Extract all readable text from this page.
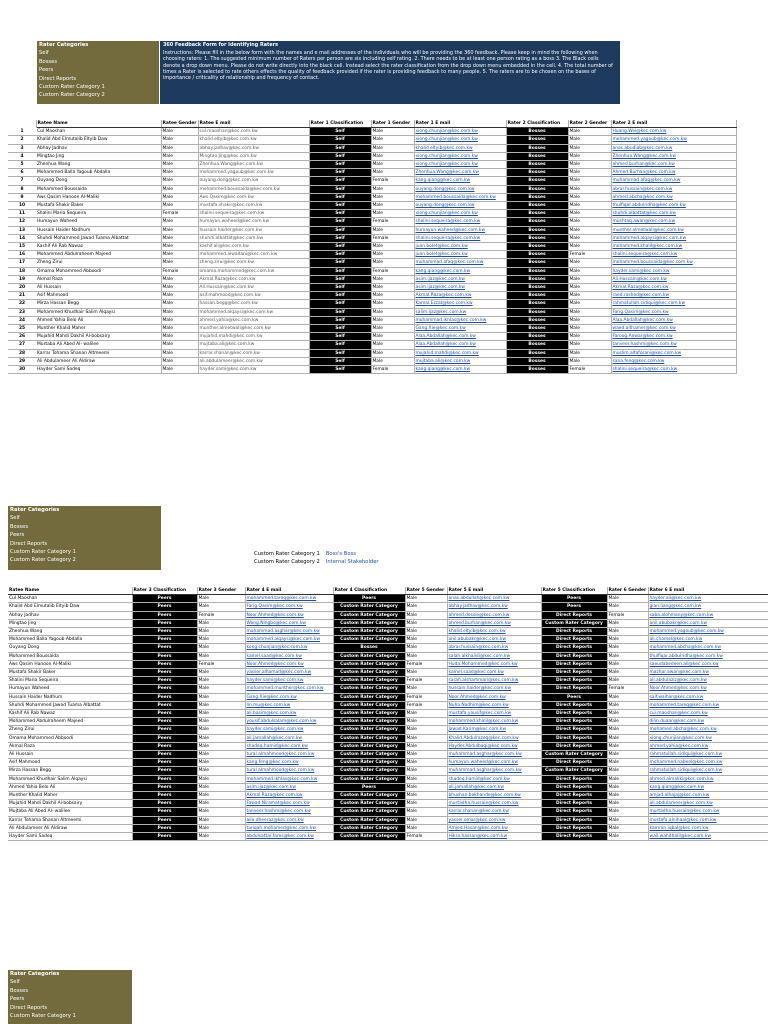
Rater Categories
Self
Bosses
Peers
Direct Reports
Custom Rater Category 1
Custom Rater Category 2
360 Feedback Form for Identifying Raters
Instructions: Please fill in the below form with the names and e mail addresses of the individuals who will be providing the 360 feedback. Please keep in mind the following when choosing raters: 1. The suggested minimum number of Raters per person are six including self rating. 2. There needs to be at least one person rating as a boss 3. The Black cells denote a drop down menu. Please do not write directly into the black cell. Instead select the rater classification from the drop down menu embedded in the cell. 4. The total number of times a Rater is selected to rate others effects the quality of feedback provided if the rater is providing feedback to many people. 5. The raters are to be chosen on the bases of importance / criticality of relationship and frequency of contact.
	Ratee Name	Ratee Gender	Ratee E mail	Rater 1 Classification	Rater 1 Gender	Rater 1 E mail	Rater 2 Classification	Rater 2 Gender	Rater 2 E mail
1	Cul Maoshan	Male	cul.maoshan@kec.com.kw	Self	Male	xiong.chunjian@kec.com.kw	Bosses	Male	Huang.Wei@kec.com.kw
2	Khalid Abd Elmutalib Eltyib Daw	Male	khalid.eltyib@kec.com.kw	Self	Male	xiong.chunjian@kec.com.kw	Bosses	Male	mohammed.yagoub@kec.com.kw
3	Abhay Jadhav	Male	abhay.jadhav@kec.com.kw	Self	Male	khalid.eltyib@kec.com.kw	Bosses	Male	anas.abudiab@kec.com.kw
4	Mingtao Jing	Male	Mingtao.Jing@kec.com.kw	Self	Male	xiong.chunjian@kec.com.kw	Bosses	Male	Zhenhua.Wang@kec.com.kw
5	Zhenhua Wang	Male	Zhenhua.Wang@kec.com.kw	Self	Male	xiong.chunjian@kec.com.kw	Bosses	Male	ahmed.burhan@kec.com.kw
6	Mohammed Balla Yagoub Abdalla	Male	mohammed.yagoub@kec.com.kw	Self	Male	Zhenhua.Wang@kec.com.kw	Bosses	Male	Ahmed.Burhan@kec.com.kw
7	Ouyang Dong	Male	ouyang.dong@kec.com.kw	Self	Female	kang.qiang@kec.com.kw	Bosses	Male	muhammad.afaq@kec.com.kw
8	Mohammed Boussaida	Male	mohammed.boussaida@kec.com.kw	Self	Male	ouyang.dong@kec.com.kw	Bosses	Male	abrar.hussain@kec.com.kw
9	Aws Qasim Hanoon Al-Maliki	Male	Aws.Qasim@kec.com.kw	Self	Male	mohammed.boussaida@kec.com.kw	Bosses	Male	ahmed.abcha@kec.com.kw
10	Mustafa Shakir Baker	Male	mustafa.shakir@kec.com.kw	Self	Male	ouyang.dong@kec.com.kw	Bosses	Male	thulfiqar.abdulridha@kec.com.kw
11	Shalini Maria Sequeira	Female	shalini.sequeira@kec.com.kw	Self	Male	xiong.chunjian@kec.com.kw	Bosses	Male	shuhdi.albattat@kec.com.kw
12	Humayun Waheed	Male	humayun.waheed@kec.com.kw	Self	Female	shalini.sequeira@kec.com.kw	Bosses	Male	mushtaq.awan@kec.com.kw
13	Hussain Haider Nadhum	Male	hussain.haider@kec.com.kw	Self	Male	humayun.waheed@kec.com.kw	Bosses	Male	munther.almetwali@kec.com.kw
14	Shuhdi Mohammed Jawad Tuama Albattat	Male	shuhdi.albattat@kec.com.kw	Self	Female	shalini.sequeira@kec.com.kw	Bosses	Male	mohammed.alqaysi@kec.com.kw
15	Kashif Ali Rab Nawaz	Male	kashif.ali@kec.com.kw	Self	Male	juan.bolet@kec.com.kw	Bosses	Male	mohammed.khalil@kec.com.kw
16	Mohammed Abdulraheem Majeed	Male	mohammed.alwadani@kec.com.kw	Self	Male	juan.bolet@kec.com.kw	Bosses	Female	shalini.sequeira@kec.com.kw
17	Zheng Zirui	Male	zheng.zirui@kec.com.kw	Self	Male	muhammad.afaq@kec.com.kw	Bosses	Male	mohammed.boussaida@kec.com.kw
18	Omama Mohammed Abboodi	Female	omama.mohammed@kec.com.kw	Self	Female	kang.qiang@kec.com.kw	Bosses	Male	hayder.sami@kec.com.kw
19	Akmal Raza	Male	Akmal.Raza@kec.com.kw	Self	Male	asim.ijaz@kec.com.kw	Bosses	Male	Ali.Hussain@kec.com.kw
20	Ali Hussain	Male	Ali.Hussain@kec.com.kw	Self	Male	asim.ijaz@kec.com.kw	Bosses	Male	Akmal.Raza@kec.com.kw
21	Asif Mahmood	Male	asif.mahmood@kec.com.kw	Self	Male	Akmal.Raza@kec.com.kw	Bosses	Male	raed.rashed@kec.com.kw
22	Mirza Hassan Begg	Male	hassan.begg@kec.com.kw	Self	Male	Kamal.Ezzat@kec.com.kw	Bosses	Male	rahmatullah.sidiqui@kec.com.kw
23	Mohammed Khudhair Salim Alqaysi	Male	mohammed.alqaysi@kec.com.kw	Self	Male	salim.ijaz@kec.com.kw	Bosses	Male	Farig.Qasim@kec.com.kw
24	Ahmed Yahia Belo Ali	Male	ahmed.yahia@kec.com.kw	Self	Male	muhammad.ikhlas@kec.com.kw	Bosses	Male	Alaa.Abdallah@kec.com.kw
25	Munther Khalid Maher	Male	munther.almetwali@kec.com.kw	Self	Male	Gang.Xie@kec.com.kw	Bosses	Male	waed.althamer@kec.com.kw
26	Mujahid Mahdi Dakhil Al-bobsairy	Male	mujahid.mahdi@kec.com.kw	Self	Male	Alaa.Abdallah@kec.com.kw	Bosses	Male	Faroog.Anwar@kec.com.kw
27	Murtaba Ali Abed Al- walilee	Male	mujtaba.ali@kec.com.kw	Self	Male	Alaa.Abdallah@kec.com.kw	Bosses	Male	tanveer.hashmi@kec.com.kw
28	Karrar Tohama Shanan Altmeemi	Male	karrar.shanan@kec.com.kw	Self	Male	mujahid.mahdi@kec.com.kw	Bosses	Male	muslim.altaforani@kec.com.kw
29	Ali Abdulameer Ali Aldiraw	Male	ali.abdulameer@kec.com.kw	Self	Male	mujtaba.ali@kec.com.kw	Bosses	Male	sana.fenq@kec.com.kw
30	Hayder Sami Sadeq	Male	hayder.sami@kec.com.kw	Self	Female	kang.qiang@kec.com.kw	Bosses	Female	shalini.sequeira@kec.com.kw
Rater Categories
Self
Bosses
Peers
Direct Reports
Custom Rater Category 1
Custom Rater Category 2
Custom Rater Category 1 Boss's Boss
Custom Rater Category 2 Internal Stakeholder
Ratee Name	Rater 3 Classification	Rater 3 Gender	Rater 4 E mail	Rater 4 Classification	Rater 5 Gender	Rater 5 E mail	Rater 5 Classification	Rater 6 Gender	Rater 6 E mail
Cul Maoshan	Peers	Male	mohammed.tareq@kec.com.kw	Peers	Male	anas.abdullah@kec.com.kw	Peers	Male	hayder.ali@kec.com.kw
Khalid Abd Elmutalib Eltyib Daw	Peers	Male	Farig.Qasim@kec.com.kw	Custom Rater Category	Male	abhay.jadhav@kec.com.kw	Peers	Male	gian.liang@kec.com.kw
Abhay Jadhav	Peers	Female	Noor.Ahmed@kec.com.kw	Custom Rater Category	Male	ahmed.dessie@kec.com.kw	Direct Reports	Female	saba.alohmany@kec.com.kw
Mingtao Jing	Peers	Male	Wang.Ningbo@kec.com.kw	Custom Rater Category	Male	ahmed.burhan@kec.com.kw	Custom Rater Category	Male	anil.abubakr@kec.com.kw
Zhenhua Wang	Peers	Male	muhammad.asghar@kec.com.kw	Custom Rater Category	Male	khalid.eltyib@kec.com.kw	Direct Reports	Male	mohammed.yagoub@kec.com.kw
Mohammed Balla Yagoub Abdalla	Peers	Male	mohammed.alqaysi@kec.com.kw	Custom Rater Category	Male	anil.abubakr@kec.com.kw	Direct Reports	Male	ali.chamel@kec.com.kw
Ouyang Dong	Peers	Male	kong.chunjian@kec.com.kw	Bosses	Male	abrar.hussain@kec.com.kw	Direct Reports	Male	mohammed.abcha@kec.com.kw
Mohammed Boussaida	Peers	Male	kamel.saad@kec.com.kw	Custom Rater Category	Male	salah.alkhalidi@kec.com.kw	Direct Reports	Male	thulfiqar.abdulridha@kec.com.kw
Aws Qasim Hanoon Al-Maliki	Peers	Female	Noor.Ahmed@kec.com.kw	Custom Rater Category	Female	Huda.Mohammed@kec.com.kw	Direct Reports	Male	saeudabedeen.ali@kec.com.kw
Mustafa Shakir Baker	Peers	Male	yasser.alhamad@kec.com.kw	Custom Rater Category	Male	kamel.saad@kec.com.kw	Direct Reports	Male	mazhar.awan@kec.com.kw
Shalini Maria Sequeira	Peers	Male	hayder.sami@kec.com.kw	Custom Rater Category	Female	sarah.alshammari@kec.com.kw	Direct Reports	Male	ali.abdulaziz@kec.com.kw
Humayun Waheed	Peers	Male	mohammed.munther@kec.com.kw	Custom Rater Category	Male	hussain.haider@kec.com.kw	Direct Reports	Female	Noor.Ahmed@kec.com.kw
Hussain Haider Nadhum	Peers	Male	Gang.Xie@kec.com.kw	Custom Rater Category	Female	Noor.Ahmed@kec.com.kw	Peers	Male	saif.waihar@kec.com.kw
Shuhdi Mohammed Jawad Tuama Albattat	Peers	Male	lin.mu@kec.com.kw	Custom Rater Category	Female	Nuha.Nadhim@kec.com.kw	Direct Reports	Male	mohammed.tareq@kec.com.kw
Kashif Ali Rab Nawaz	Peers	Male	ali.basim@kec.com.kw	Custom Rater Category	Male	mustafa.yousif@kec.com.kw	Direct Reports	Male	cui.maoshan@kec.com.kw
Mohammed Abdulraheem Majeed	Peers	Male	yousif.abdulsalam@kec.com.kw	Custom Rater Category	Male	mohammed.khalil@kec.com.kw	Direct Reports	Male	dilin.duaan@kec.com.kw
Zheng Zirui	Peers	Male	hayder.sami@kec.com.kw	Custom Rater Category	Male	Jawad.Karim@kec.com.kw	Direct Reports	Male	mohamed.abcha@kec.com.kw
Omama Mohammed Abboodi	Peers	Male	ali.jamallah@kec.com.kw	Custom Rater Category	Male	Khalid.Abdulrazeq@kec.com.kw	Direct Reports	Male	xiong.chunjian@kec.com.kw
Akmal Raza	Peers	Male	shadeq.hamid@kec.com.kw	Custom Rater Category	Male	Hayder.Abdulbaqi@kec.com.kw	Direct Reports	Male	ahmed.yahia@kec.com.kw
Ali Hussain	Peers	Male	tural.almahmood@kec.com.kw	Custom Rater Category	Male	muhammad.asghar@kec.com.kw	Custom Rater Category	Male	rahmatullah.sidiqui@kec.com.kw
Asif Mahmood	Peers	Male	kang.feng@kec.com.kw	Custom Rater Category	Male	humayun.waheed@kec.com.kw	Direct Reports	Male	mohammed.nabeel@kec.com.kw
Mirza Hassan Begg	Peers	Male	tural.almahmood@kec.com.kw	Custom Rater Category	Male	muhammad.asghar@kec.com.kw	Custom Rater Category	Male	rahmatullah.sidiqui@kec.com.kw
Mohammed Khudhair Salim Alqaysi	Peers	Male	mohammed.ikhlas@kec.com.kw	Custom Rater Category	Male	shadeq.hamid@kec.com.kw	Direct Reports	Male	ahmed.almaliki@kec.com.kw
Ahmed Yahia Belo Ali	Peers	Male	asim.ijaz@kec.com.kw	Peers	Male	ali.jamallah@kec.com.kw	Direct Reports	Male	kang.qiang@kec.com.kw
Munther Khalid Maher	Peers	Male	Akmal.Raza@kec.com.kw	Custom Rater Category	Male	bhushan.bokhande@kec.com.kw	Direct Reports	Male	amjad.alhajaj@kec.com.kw
Mujahid Mahdi Dakhil Al-bobsairy	Peers	Male	Fawad.Niramat@kec.com.kw	Custom Rater Category	Male	murtadha.hussain@kec.com.kw	Direct Reports	Male	ali.abdulameer@kec.com.kw
Mujtaba Ali Abed Al- walilee	Peers	Male	tanveer.hashmi@kec.com.kw	Custom Rater Category	Male	karrar.shanan@kec.com.kw	Direct Reports	Male	murtadha.hussain@kec.com.kw
Karrar Tohama Shanan Altmeemi	Peers	Male	aila.dheeraz@kec.com.kw	Custom Rater Category	Male	yasser.omar@kec.com.kw	Direct Reports	Male	mustafa.alnihaal@kec.com.kw
Ali Abdulameer Ali Aldiraw	Peers	Male	tariqah.mohamed@kec.com.kw	Custom Rater Category	Male	Amjed.Hasan@kec.com.kw	Direct Reports	Male	kamran.iqbal@kec.com.kw
Hayder Sami Sadeq	Peers	Male	abdulsattar.fares@kec.com.kw	Custom Rater Category	Female	Hikra.hassan@kec.com.kw	Direct Reports	Male	wail.wahithalil@kec.com.kw
Rater Categories
Self
Bosses
Peers
Direct Reports
Custom Rater Category 1
